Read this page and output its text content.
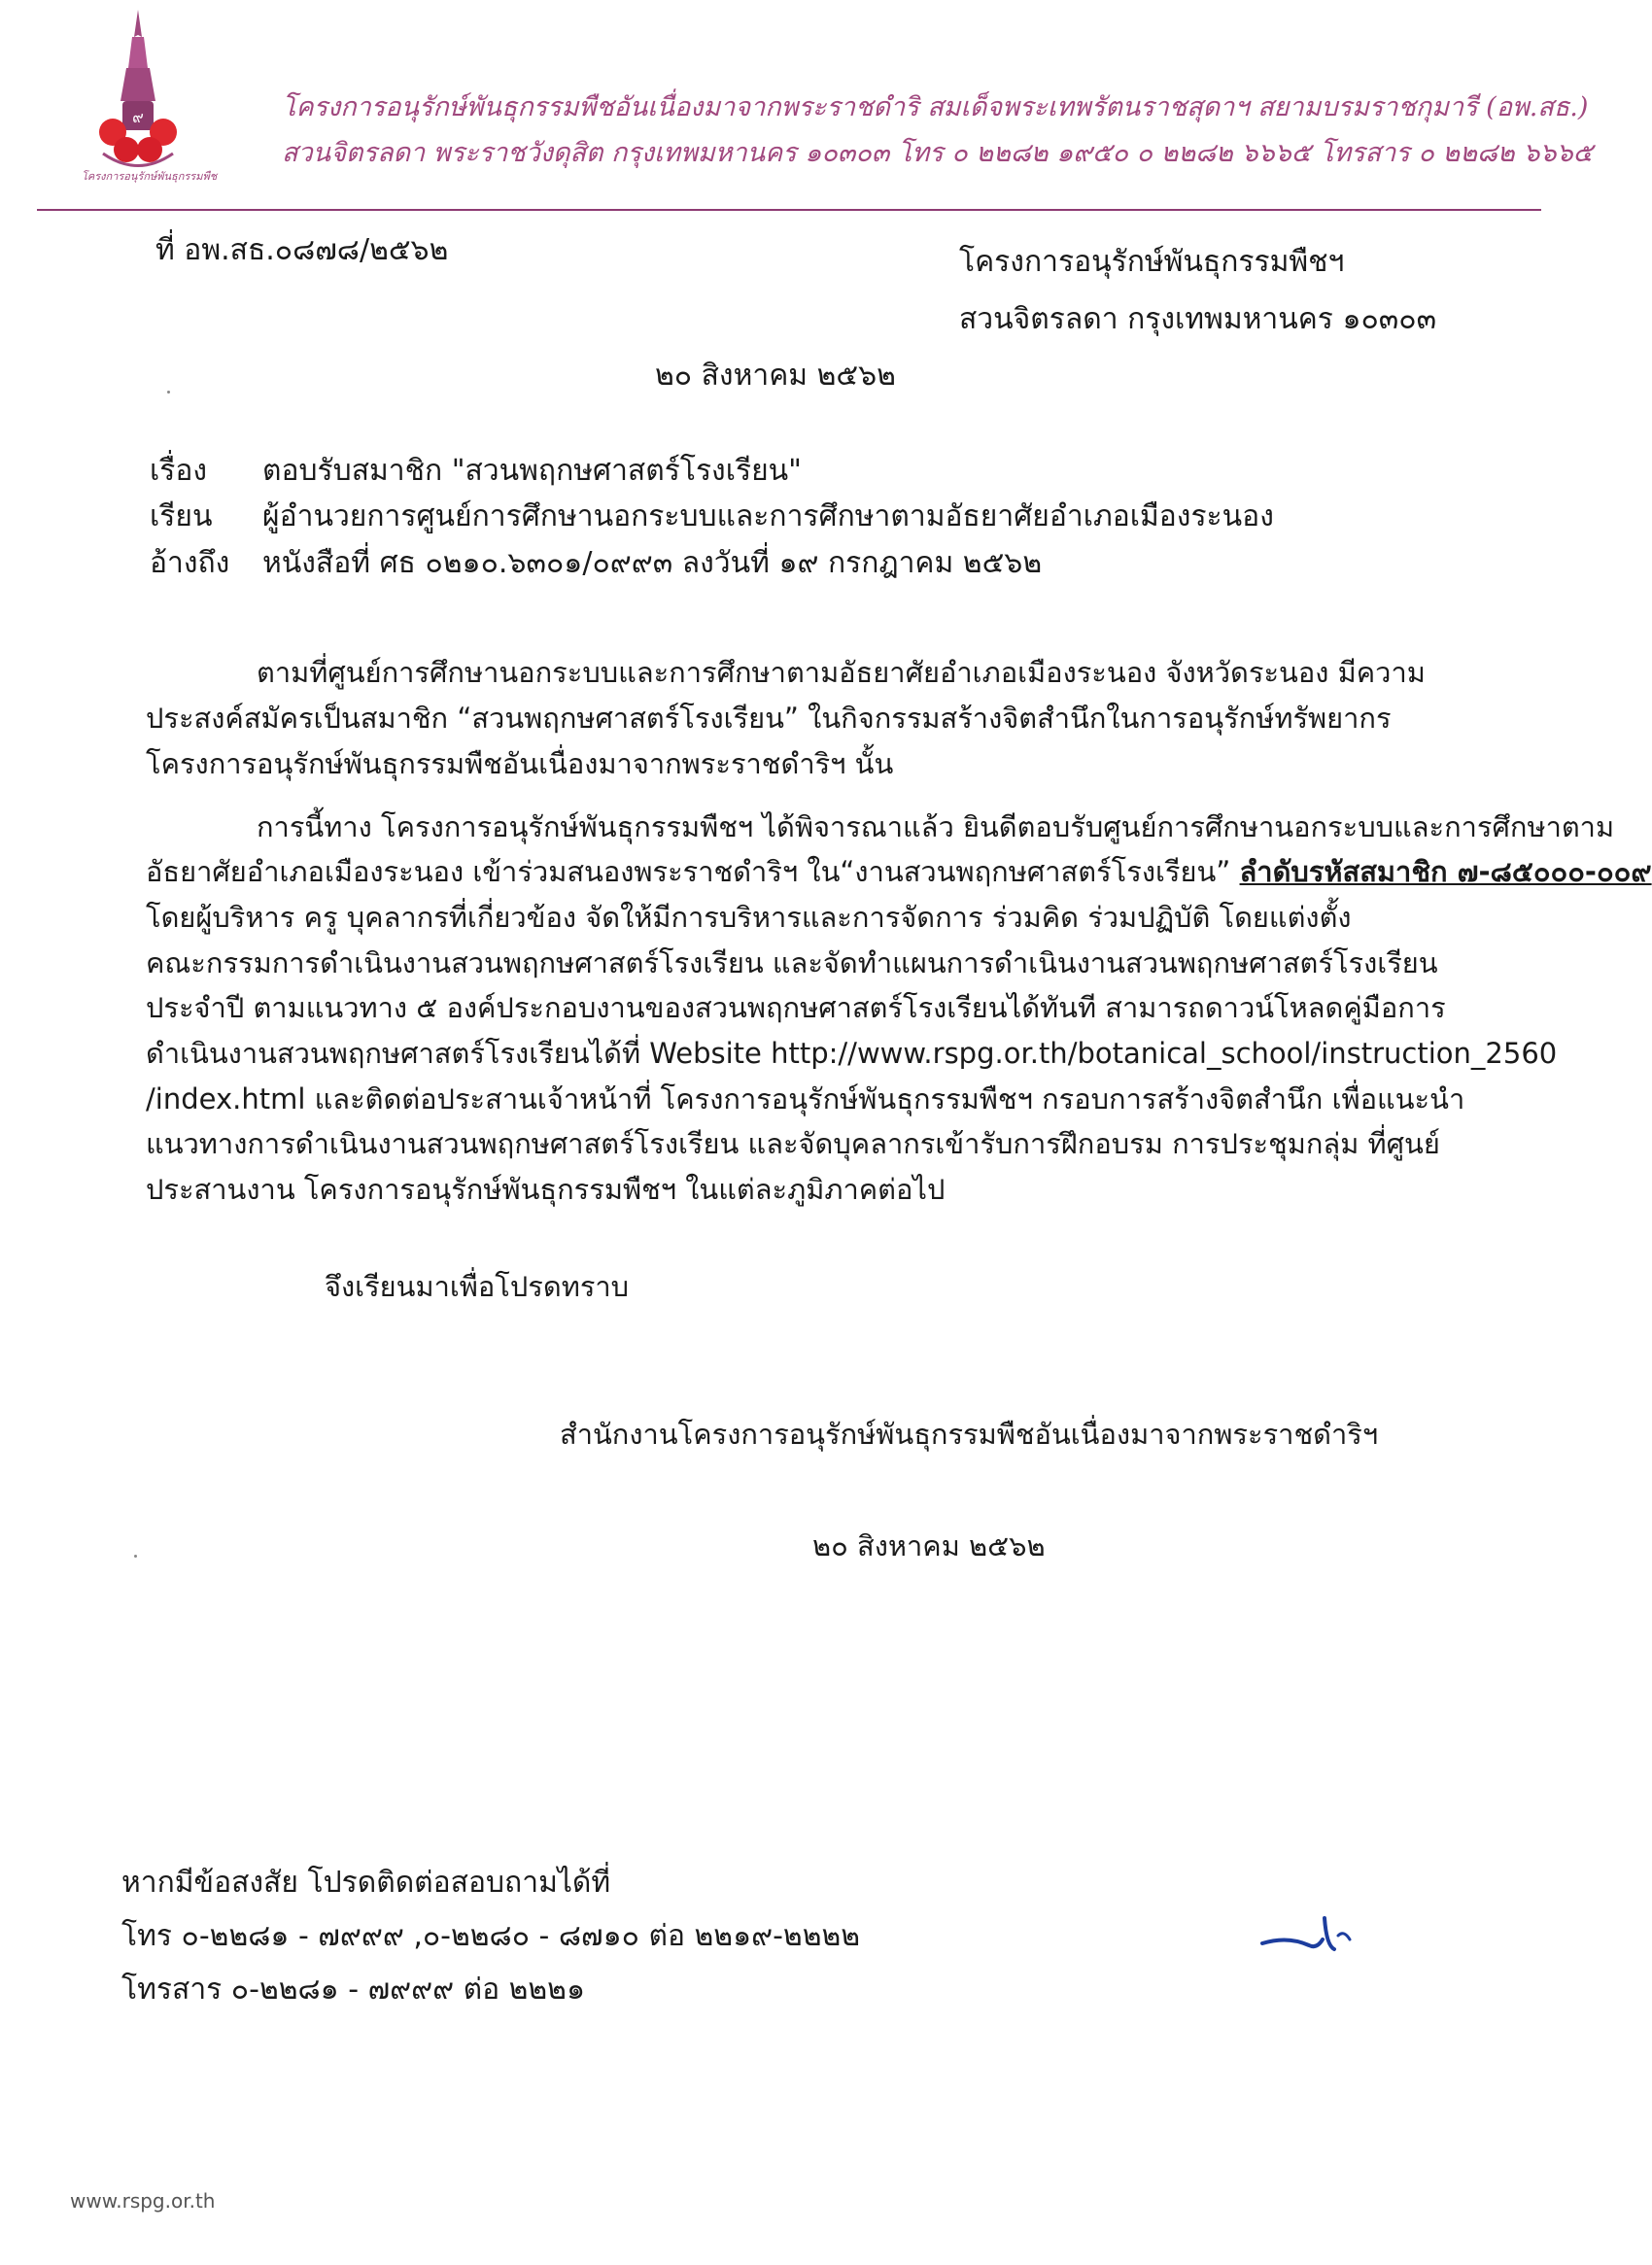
๙
โครงการอนุรักษ์พันธุกรรมพืช
โครงการอนุรักษ์พันธุกรรมพืชอันเนื่องมาจากพระราชดำริ สมเด็จพระเทพรัตนราชสุดาฯ สยามบรมราชกุมารี (อพ.สธ.)
สวนจิตรลดา พระราชวังดุสิต กรุงเทพมหานคร ๑๐๓๐๓ โทร ๐ ๒๒๘๒ ๑๙๕๐ ๐ ๒๒๘๒ ๖๖๖๕ โทรสาร ๐ ๒๒๘๒ ๖๖๖๕
ที่ อพ.สธ.๐๘๗๘/๒๕๖๒	โครงการอนุรักษ์พันธุกรรมพืชฯ
สวนจิตรลดา กรุงเทพมหานคร ๑๐๓๐๓
๒๐ สิงหาคม ๒๕๖๒
เรื่อง ตอบรับสมาชิก "สวนพฤกษศาสตร์โรงเรียน"
เรียน ผู้อำนวยการศูนย์การศึกษานอกระบบและการศึกษาตามอัธยาศัยอำเภอเมืองระนอง
อ้างถึง หนังสือที่ ศธ ๐๒๑๐.๖๓๐๑/๐๙๙๓ ลงวันที่ ๑๙ กรกฎาคม ๒๕๖๒
ตามที่ศูนย์การศึกษานอกระบบและการศึกษาตามอัธยาศัยอำเภอเมืองระนอง จังหวัดระนอง มีความ
ประสงค์สมัครเป็นสมาชิก “สวนพฤกษศาสตร์โรงเรียน” ในกิจกรรมสร้างจิตสำนึกในการอนุรักษ์ทรัพยากร
โครงการอนุรักษ์พันธุกรรมพืชอันเนื่องมาจากพระราชดำริฯ นั้น
การนี้ทาง โครงการอนุรักษ์พันธุกรรมพืชฯ ได้พิจารณาแล้ว ยินดีตอบรับศูนย์การศึกษานอกระบบและการศึกษาตาม
อัธยาศัยอำเภอเมืองระนอง เข้าร่วมสนองพระราชดำริฯ ใน“งานสวนพฤกษศาสตร์โรงเรียน” ลำดับรหัสสมาชิก ๗-๘๕๐๐๐-๐๐๙
โดยผู้บริหาร ครู บุคลากรที่เกี่ยวข้อง จัดให้มีการบริหารและการจัดการ ร่วมคิด ร่วมปฏิบัติ โดยแต่งตั้ง
คณะกรรมการดำเนินงานสวนพฤกษศาสตร์โรงเรียน และจัดทำแผนการดำเนินงานสวนพฤกษศาสตร์โรงเรียน
ประจำปี ตามแนวทาง ๕ องค์ประกอบงานของสวนพฤกษศาสตร์โรงเรียนได้ทันที สามารถดาวน์โหลดคู่มือการ
ดำเนินงานสวนพฤกษศาสตร์โรงเรียนได้ที่ Website http://www.rspg.or.th/botanical_school/instruction_2560
/index.html และติดต่อประสานเจ้าหน้าที่ โครงการอนุรักษ์พันธุกรรมพืชฯ กรอบการสร้างจิตสำนึก เพื่อแนะนำ
แนวทางการดำเนินงานสวนพฤกษศาสตร์โรงเรียน และจัดบุคลากรเข้ารับการฝึกอบรม การประชุมกลุ่ม ที่ศูนย์
ประสานงาน โครงการอนุรักษ์พันธุกรรมพืชฯ ในแต่ละภูมิภาคต่อไป
จึงเรียนมาเพื่อโปรดทราบ
สำนักงานโครงการอนุรักษ์พันธุกรรมพืชอันเนื่องมาจากพระราชดำริฯ
๒๐ สิงหาคม ๒๕๖๒
หากมีข้อสงสัย โปรดติดต่อสอบถามได้ที่
โทร ๐-๒๒๘๑ - ๗๙๙๙ ,๐-๒๒๘๐ - ๘๗๑๐ ต่อ ๒๒๑๙-๒๒๒๒
โทรสาร ๐-๒๒๘๑ - ๗๙๙๙ ต่อ ๒๒๒๑
www.rspg.or.th
